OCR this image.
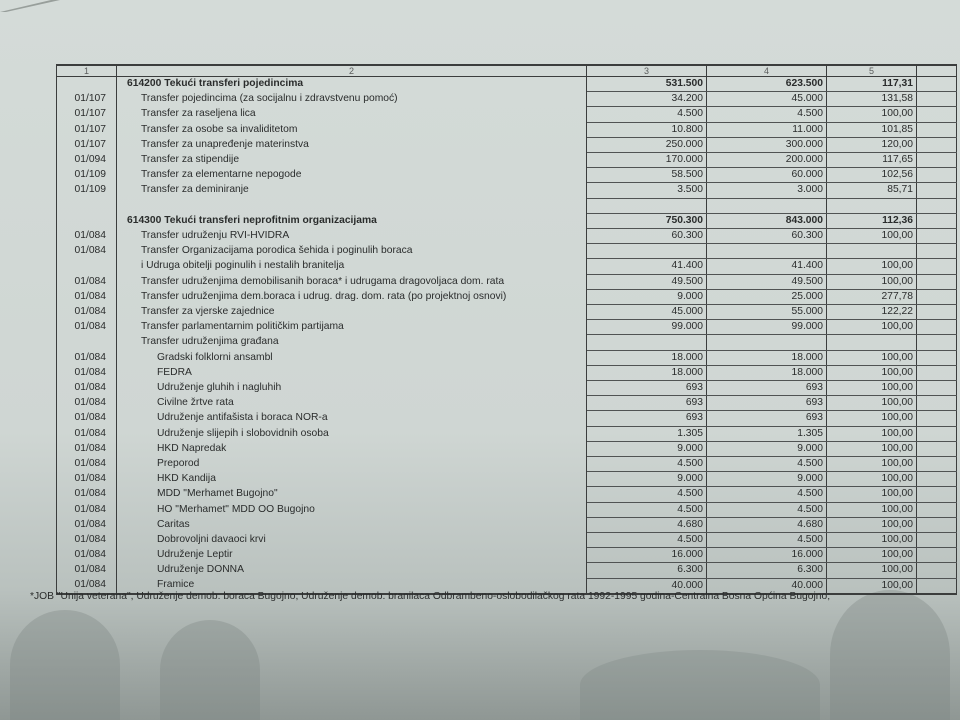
1	2	3	4	5	
	614200 Tekući transferi pojedincima	531.500	623.500	117,31	
01/107	Transfer pojedincima (za socijalnu i zdravstvenu pomoć)	34.200	45.000	131,58	
01/107	Transfer za raseljena lica	4.500	4.500	100,00	
01/107	Transfer za osobe sa invaliditetom	10.800	11.000	101,85	
01/107	Transfer za unapređenje materinstva	250.000	300.000	120,00	
01/094	Transfer za stipendije	170.000	200.000	117,65	
01/109	Transfer za elementarne nepogode	58.500	60.000	102,56	
01/109	Transfer za deminiranje	3.500	3.000	85,71	

	614300 Tekući transferi neprofitnim organizacijama	750.300	843.000	112,36	
01/084	Transfer udruženju RVI-HVIDRA	60.300	60.300	100,00	
01/084	Transfer Organizacijama porodica šehida i poginulih boraca				
	i Udruga obitelji poginulih i nestalih branitelja	41.400	41.400	100,00	
01/084	Transfer udruženjima demobilisanih boraca* i udrugama dragovoljaca dom. rata	49.500	49.500	100,00	
01/084	Transfer udruženjima dem.boraca i udrug. drag. dom. rata (po projektnoj osnovi)	9.000	25.000	277,78	
01/084	Transfer za vjerske zajednice	45.000	55.000	122,22	
01/084	Transfer parlamentarnim političkim partijama	99.000	99.000	100,00	
	Transfer udruženjima građana				
01/084	Gradski folklorni ansambl	18.000	18.000	100,00	
01/084	FEDRA	18.000	18.000	100,00	
01/084	Udruženje gluhih i nagluhih	693	693	100,00	
01/084	Civilne žrtve rata	693	693	100,00	
01/084	Udruženje antifašista i boraca NOR-a	693	693	100,00	
01/084	Udruženje slijepih i slobovidnih osoba	1.305	1.305	100,00	
01/084	HKD Napredak	9.000	9.000	100,00	
01/084	Preporod	4.500	4.500	100,00	
01/084	HKD Kandija	9.000	9.000	100,00	
01/084	MDD "Merhamet Bugojno"	4.500	4.500	100,00	
01/084	HO "Merhamet" MDD OO Bugojno	4.500	4.500	100,00	
01/084	Caritas	4.680	4.680	100,00	
01/084	Dobrovoljni davaoci krvi	4.500	4.500	100,00	
01/084	Udruženje Leptir	16.000	16.000	100,00	
01/084	Udruženje DONNA	6.300	6.300	100,00	
01/084	Framice	40.000	40.000	100,00	
*JOB "Unija veterana", Udruženje demob. boraca Bugojno, Udruženje demob. branilaca Odbrambeno-oslobodilačkog rata 1992-1995 godina-Centralna Bosna Općina Bugojno;
